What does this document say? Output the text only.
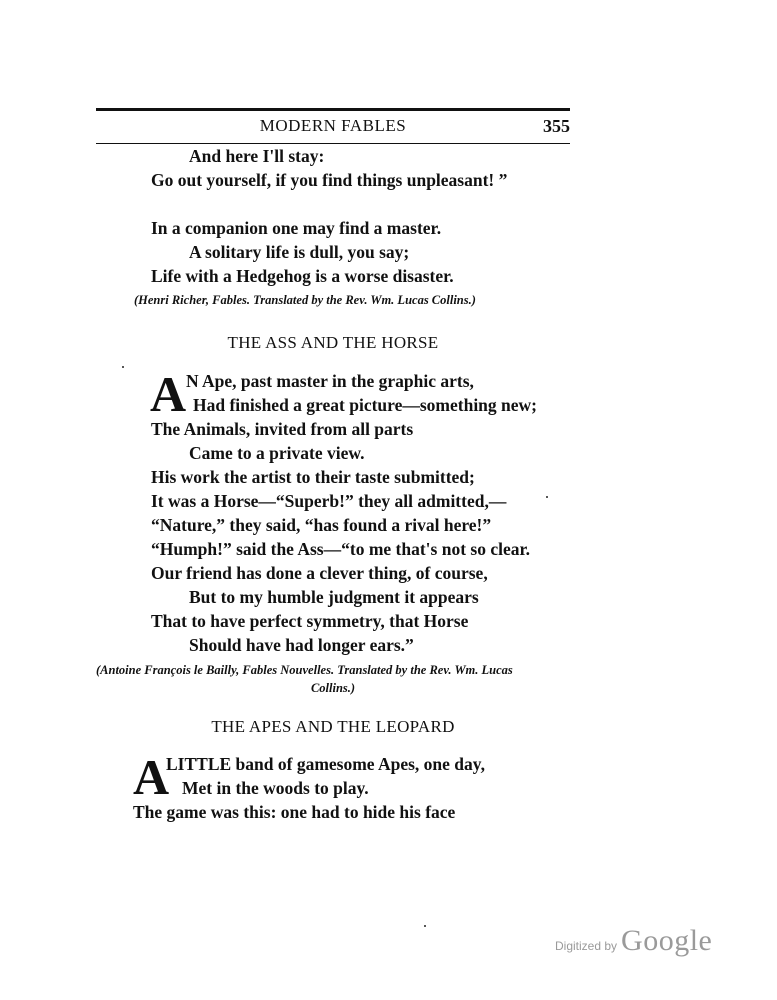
MODERN FABLES	355
And here I'll stay:
Go out yourself, if you find things unpleasant! ”
In a companion one may find a master.
A solitary life is dull, you say;
Life with a Hedgehog is a worse disaster.
(Henri Richer, Fables. Translated by the Rev. Wm. Lucas Collins.)
THE ASS AND THE HORSE
A N Ape, past master in the graphic arts,
Had finished a great picture—something new;
The Animals, invited from all parts
Came to a private view.
His work the artist to their taste submitted;
It was a Horse—“Superb!” they all admitted,—
“Nature,” they said, “has found a rival here!”
“Humph!” said the Ass—“to me that's not so clear.
Our friend has done a clever thing, of course,
But to my humble judgment it appears
That to have perfect symmetry, that Horse
Should have had longer ears.”
(Antoine François le Bailly, Fables Nouvelles. Translated by the Rev. Wm. Lucas
Collins.)
THE APES AND THE LEOPARD
A
LITTLE band of gamesome Apes, one day,
Met in the woods to play.
The game was this: one had to hide his face
Digitized by Google
